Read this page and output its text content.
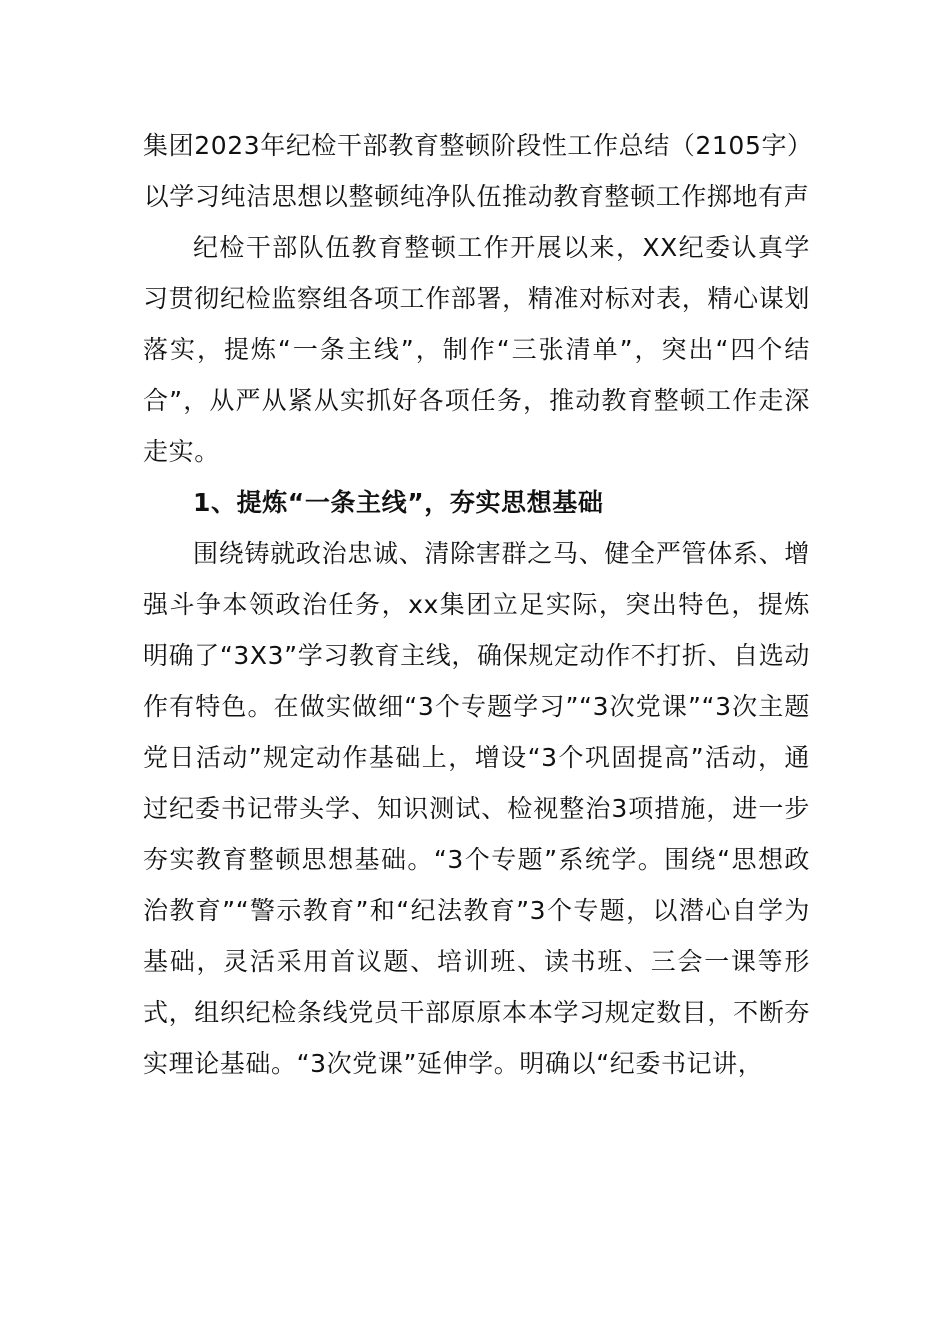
集团2023年纪检干部教育整顿阶段性工作总结（2105字）
以学习纯洁思想以整顿纯净队伍推动教育整顿工作掷地有声

纪检干部队伍教育整顿工作开展以来，XX纪委认真学习贯彻纪检监察组各项工作部署，精准对标对表，精心谋划落实，提炼“一条主线”，制作“三张清单”，突出“四个结合”，从严从紧从实抓好各项任务，推动教育整顿工作走深走实。

1、提炼“一条主线”，夯实思想基础

围绕铸就政治忠诚、清除害群之马、健全严管体系、增强斗争本领政治任务，xx集团立足实际，突出特色，提炼明确了“3X3”学习教育主线，确保规定动作不打折、自选动作有特色。在做实做细“3个专题学习”“3次党课”“3次主题党日活动”规定动作基础上，增设“3个巩固提高”活动，通过纪委书记带头学、知识测试、检视整治3项措施，进一步夯实教育整顿思想基础。“3个专题”系统学。围绕“思想政治教育”“警示教育”和“纪法教育”3个专题，以潜心自学为基础，灵活采用首议题、培训班、读书班、三会一课等形式，组织纪检条线党员干部原原本本学习规定数目，不断夯实理论基础。“3次党课”延伸学。明确以“纪委书记讲，
